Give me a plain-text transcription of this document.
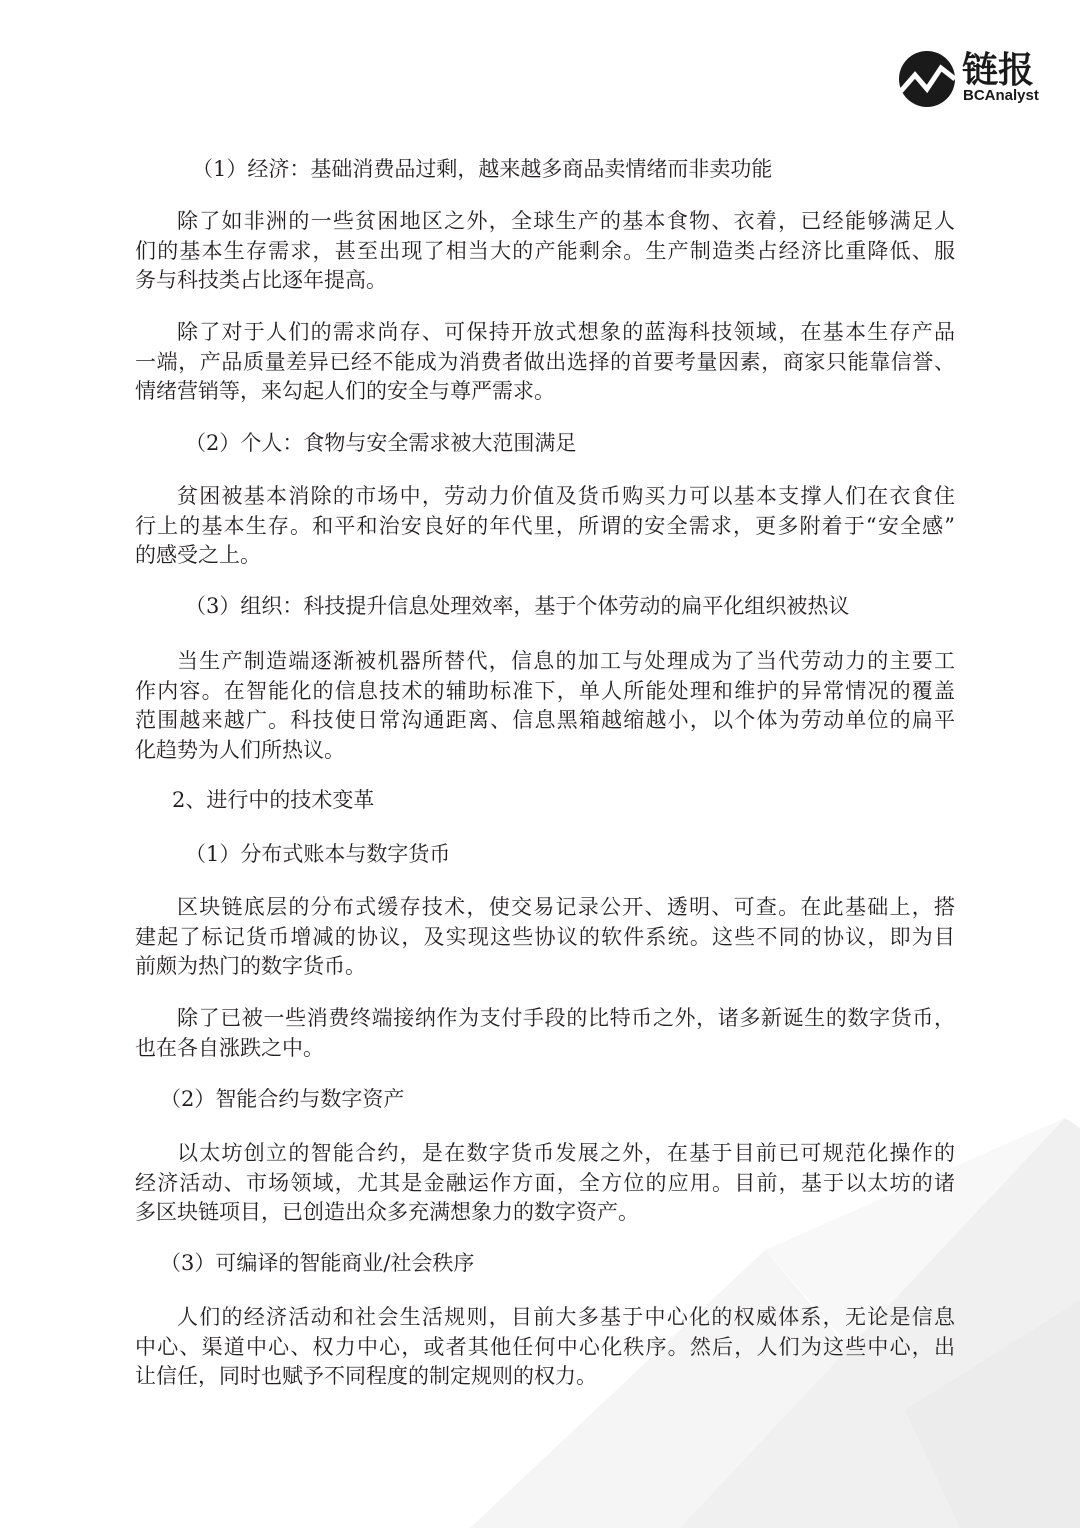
链报
BCAnalyst
（1）经济：基础消费品过剩，越来越多商品卖情绪而非卖功能
除了如非洲的一些贫困地区之外，全球生产的基本食物、衣着，已经能够满足人
们的基本生存需求，甚至出现了相当大的产能剩余。生产制造类占经济比重降低、服
务与科技类占比逐年提高。
除了对于人们的需求尚存、可保持开放式想象的蓝海科技领域，在基本生存产品
一端，产品质量差异已经不能成为消费者做出选择的首要考量因素，商家只能靠信誉、
情绪营销等，来勾起人们的安全与尊严需求。
（2）个人：食物与安全需求被大范围满足
贫困被基本消除的市场中，劳动力价值及货币购买力可以基本支撑人们在衣食住
行上的基本生存。和平和治安良好的年代里，所谓的安全需求，更多附着于“安全感”
的感受之上。
（3）组织：科技提升信息处理效率，基于个体劳动的扁平化组织被热议
当生产制造端逐渐被机器所替代，信息的加工与处理成为了当代劳动力的主要工
作内容。在智能化的信息技术的辅助标准下，单人所能处理和维护的异常情况的覆盖
范围越来越广。科技使日常沟通距离、信息黑箱越缩越小，以个体为劳动单位的扁平
化趋势为人们所热议。
2、进行中的技术变革
（1）分布式账本与数字货币
区块链底层的分布式缓存技术，使交易记录公开、透明、可查。在此基础上，搭
建起了标记货币增减的协议，及实现这些协议的软件系统。这些不同的协议，即为目
前颇为热门的数字货币。
除了已被一些消费终端接纳作为支付手段的比特币之外，诸多新诞生的数字货币，
也在各自涨跌之中。
（2）智能合约与数字资产
以太坊创立的智能合约，是在数字货币发展之外，在基于目前已可规范化操作的
经济活动、市场领域，尤其是金融运作方面，全方位的应用。目前，基于以太坊的诸
多区块链项目，已创造出众多充满想象力的数字资产。
（3）可编译的智能商业/社会秩序
人们的经济活动和社会生活规则，目前大多基于中心化的权威体系，无论是信息
中心、渠道中心、权力中心，或者其他任何中心化秩序。然后，人们为这些中心，出
让信任，同时也赋予不同程度的制定规则的权力。
